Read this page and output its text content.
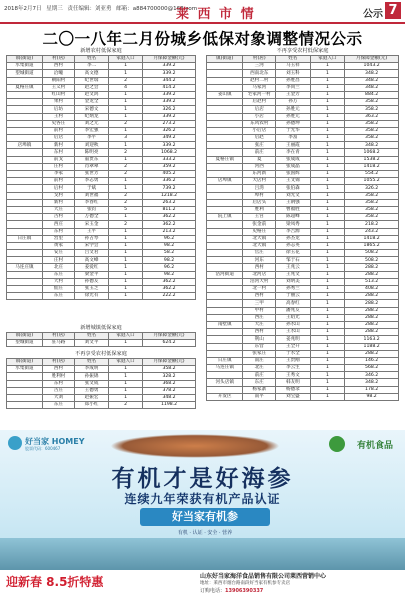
2018年2月7日 星期三 责任编辑：刘亚勇 邮箱：a884700000@163.com
莱 西 市 情	公示 7
二〇一八年二月份城乡低保对象调整情况公示
新增农村低保家庭
镇(街道)	村(居)	姓名	家庭人口	月保障金额(元)
水集街道	西村	李二	1	339.2
望城街道	洽疃	高文德	1	339.2
	朝阳村	纪世瑞	2	344.2
夏格庄镇	王义村	赵之会	4	414.2
	红山村	赵文鸿	1	339.2
	果村	金龙全	1	339.2
	后坊	宋德文	1	326.2
	王村	纪炳龙	1	339.2
	史各庄	刘之元	2	273.2
	前村	李宏强	1	326.2
	后店	李平	3	349.2
店埠镇	新村	刘迎秋	1	339.2
	东村	陈明亮	2	1068.2
	前戈	董贵东	1	333.2
	庄村	肖翠翠	2	359.2
	李家	张世芳	2	405.2
	前村	李志勇	1	336.2
	后村	于斌	1	739.2
	戈村	刘世福	2	1218.2
	新村	李春红	2	263.2
	大庄	张钧	5	811.2
	古村	万德全	1	362.2
	西庄	宋玉金	2	362.2
	东村	王平	1	213.2
日庄镇	营里	孙占琴	1	96.2
	黄家	宋学会	1	98.2
	安庄	吕文君	1	58.2
	庄村	高文峰	1	98.2
马连庄镇	北庄	姜爱红	1	96.2
	东庄	梁金平	1	98.2
	大村	孙德友	1	362.2
	仙庄	张玉芝	1	362.2
	东庄	徐光有	1	222.2
新增城镇低保家庭
镇(街道)	村(居)	姓名	家庭人口	月保障金额(元)
望城街道	驻马路	刘文平	1	624.2
不再享受农村低保家庭
镇(街道)	村(居)	姓名	家庭人口	月保障金额(元)
水集街道	西村	李成明	1	358.2
	胜利村	孙振锦	1	328.2
	东村	张文成	1	368.2
	古庄	王德勇	1	378.2
	大刘	赵振宏	1	348.2
	东庄	郑小红	2	1198.2
不再享受农村低保家庭
镇(街道)	村(居)	姓名	家庭人口	月保障金额(元)
	三河	马玉祥	1	1043.2
	西南北东	刘玉科	1	348.2
	赵村二村	孙胜昌	1	348.2
	马家河	李同兰	1	348.2
姜山镇	宅家河一村	王金芳	1	884.2
	后赵村	孙万	1	358.2
	后店	孙胜元	1	358.2
	小店	孙胜元	1	363.2
	东风农村	孙德坤	1	358.2
	小后店	于光华	1	358.2
	后赵	李富	1	358.2
	张庄	王丽霞	1	348.2
	前庄	李在青	1	1068.2
夏格庄镇	夏	张成成	1	1538.2
	河西	张成晶	1	1418.2
	东河新	张国辉	1	554.2
店埠镇	大店村	王文锦	1	1055.2
	吕湾	张伯森	1	326.2
	埠村	刘光文	1	358.2
	后店头	王钢强	1	358.2
	胜利	曹福胜	1	358.2
院上镇	王宫	陈超峰	1	358.2
	张金前	梁凤秀	1	218.2
	史格庄	李吉源	1	243.2
	北大镇	孙杰龙	1	1418.2
	北大镇	孙志英	1	1865.2
	官庄	徐玉花	1	508.2
	河东	邹于石	1	508.2
	西村	王兆云	1	288.2
沽河街道	北河店	王兆文	1	288.2
	沽河大村	刘明美	1	513.2
	北一村	孙秀兰	1	408.2
	西村	于丽云	1	288.2
	三甲	高春红	1	288.2
	甲村	潘兆友	1	288.2
	西庄	王绍光	1	288.2
南墅镇	大庄	孙水山	1	288.2
	西村	王水山	1	288.2
	荆山	姜兆明	1	1163.2
	东营	王全升	1	1188.2
	张家庄	于水全	1	288.2
日庄镇	南庄	王贵刚	1	146.2
马连庄镇	北庄	李云生	1	568.2
	前庄	王秀文	1	346.2
河头店镇	东庄	韩友明	1	348.2
	杨家寨	杨德录	1	178.2
开发区	南平	刘宝盛	1	98.2
好当家 HOMEY
股票代码：600467	有机食品
有机才是好海参
连续九年荣获有机产品认证
好当家有机参
有机 · 认证 · 安全 · 营养
迎新春 8.5折特惠	山东好当家海洋食品销售有限公司莱西营销中心
地址：莱西市烟台路南段好当家有机参专卖店
订购电话：13906390337
